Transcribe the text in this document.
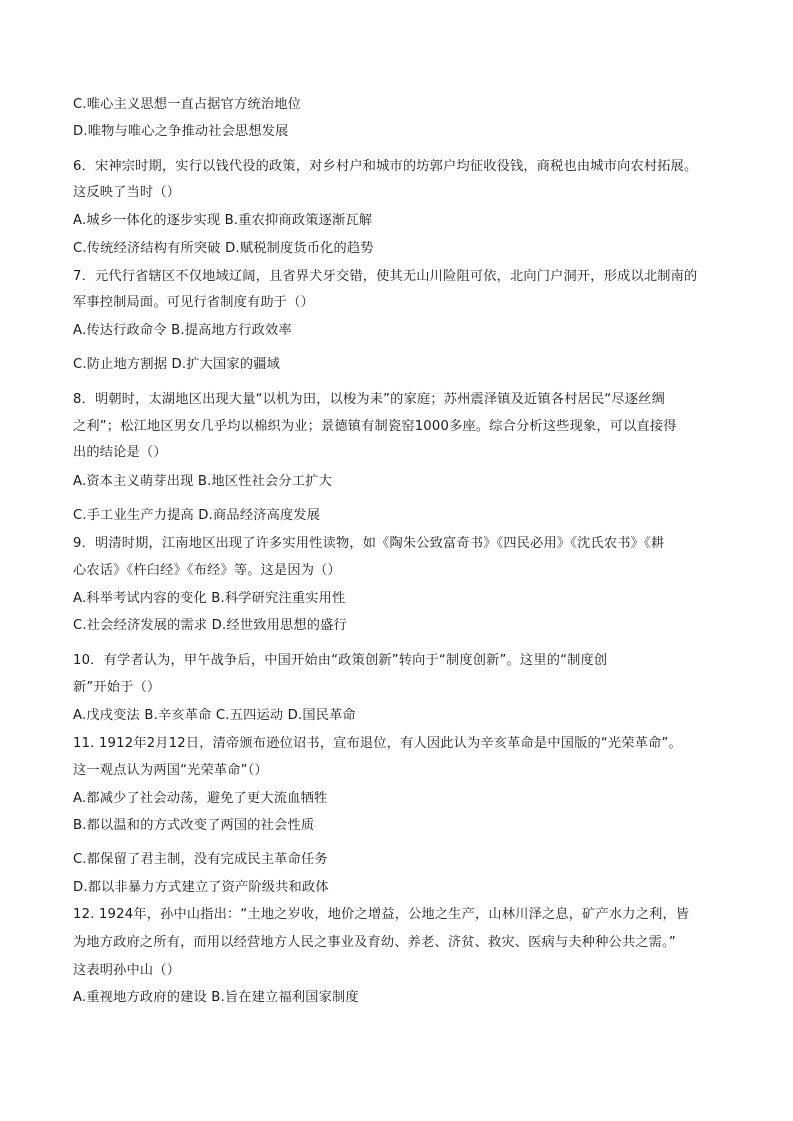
C.唯心主义思想一直占据官方统治地位
D.唯物与唯心之争推动社会思想发展
6．宋神宗时期，实行以钱代役的政策，对乡村户和城市的坊郭户均征收役钱，商税也由城市向农村拓展。
这反映了当时（）
A.城乡一体化的逐步实现 B.重农抑商政策逐渐瓦解
C.传统经济结构有所突破 D.赋税制度货币化的趋势
7．元代行省辖区不仅地域辽阔，且省界犬牙交错，使其无山川险阻可依，北向门户洞开，形成以北制南的
军事控制局面。可见行省制度有助于（）
A.传达行政命令 B.提高地方行政效率
C.防止地方割据 D.扩大国家的疆域
8．明朝时，太湖地区出现大量“以机为田，以梭为耒”的家庭；苏州震泽镇及近镇各村居民“尽逐丝绸
之利”；松江地区男女几乎均以棉织为业；景德镇有制瓷窑1000多座。综合分析这些现象，可以直接得
出的结论是（）
A.资本主义萌芽出现 B.地区性社会分工扩大
C.手工业生产力提高 D.商品经济高度发展
9．明清时期，江南地区出现了许多实用性读物，如《陶朱公致富奇书》《四民必用》《沈氏农书》《耕
心农话》《杵臼经》《布经》等。这是因为（）
A.科举考试内容的变化 B.科学研究注重实用性
C.社会经济发展的需求 D.经世致用思想的盛行
10．有学者认为，甲午战争后，中国开始由“政策创新”转向于“制度创新”。这里的“制度创
新”开始于（）
A.戊戌变法 B.辛亥革命 C.五四运动 D.国民革命
11. 1912年2月12日，清帝颁布逊位诏书，宣布退位，有人因此认为辛亥革命是中国版的“光荣革命”。
这一观点认为两国“光荣革命”（）
A.都减少了社会动荡，避免了更大流血牺牲
B.都以温和的方式改变了两国的社会性质
C.都保留了君主制，没有完成民主革命任务
D.都以非暴力方式建立了资产阶级共和政体
12. 1924年，孙中山指出：“土地之岁收，地价之增益，公地之生产，山林川泽之息，矿产水力之利，皆
为地方政府之所有，而用以经营地方人民之事业及育幼、养老、济贫、救灾、医病与夫种种公共之需。”
这表明孙中山（）
A.重视地方政府的建设 B.旨在建立福利国家制度
